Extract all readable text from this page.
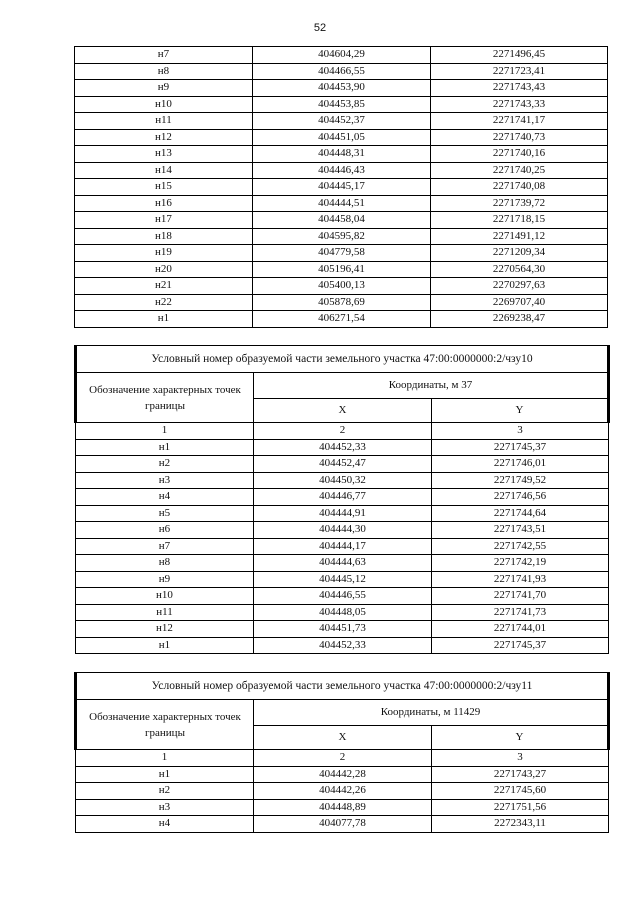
52
н7	404604,29	2271496,45
н8	404466,55	2271723,41
н9	404453,90	2271743,43
н10	404453,85	2271743,33
н11	404452,37	2271741,17
н12	404451,05	2271740,73
н13	404448,31	2271740,16
н14	404446,43	2271740,25
н15	404445,17	2271740,08
н16	404444,51	2271739,72
н17	404458,04	2271718,15
н18	404595,82	2271491,12
н19	404779,58	2271209,34
н20	405196,41	2270564,30
н21	405400,13	2270297,63
н22	405878,69	2269707,40
н1	406271,54	2269238,47
Условный номер образуемой части земельного участка 47:00:0000000:2/чзу10		
Обозначение характерных точек границы	Координаты, м 37	
	X	Y
1	2	3
н1	404452,33	2271745,37
н2	404452,47	2271746,01
н3	404450,32	2271749,52
н4	404446,77	2271746,56
н5	404444,91	2271744,64
н6	404444,30	2271743,51
н7	404444,17	2271742,55
н8	404444,63	2271742,19
н9	404445,12	2271741,93
н10	404446,55	2271741,70
н11	404448,05	2271741,73
н12	404451,73	2271744,01
н1	404452,33	2271745,37
Условный номер образуемой части земельного участка 47:00:0000000:2/чзу11		
Обозначение характерных точек границы	Координаты, м 11429	
	X	Y
1	2	3
н1	404442,28	2271743,27
н2	404442,26	2271745,60
н3	404448,89	2271751,56
н4	404077,78	2272343,11
